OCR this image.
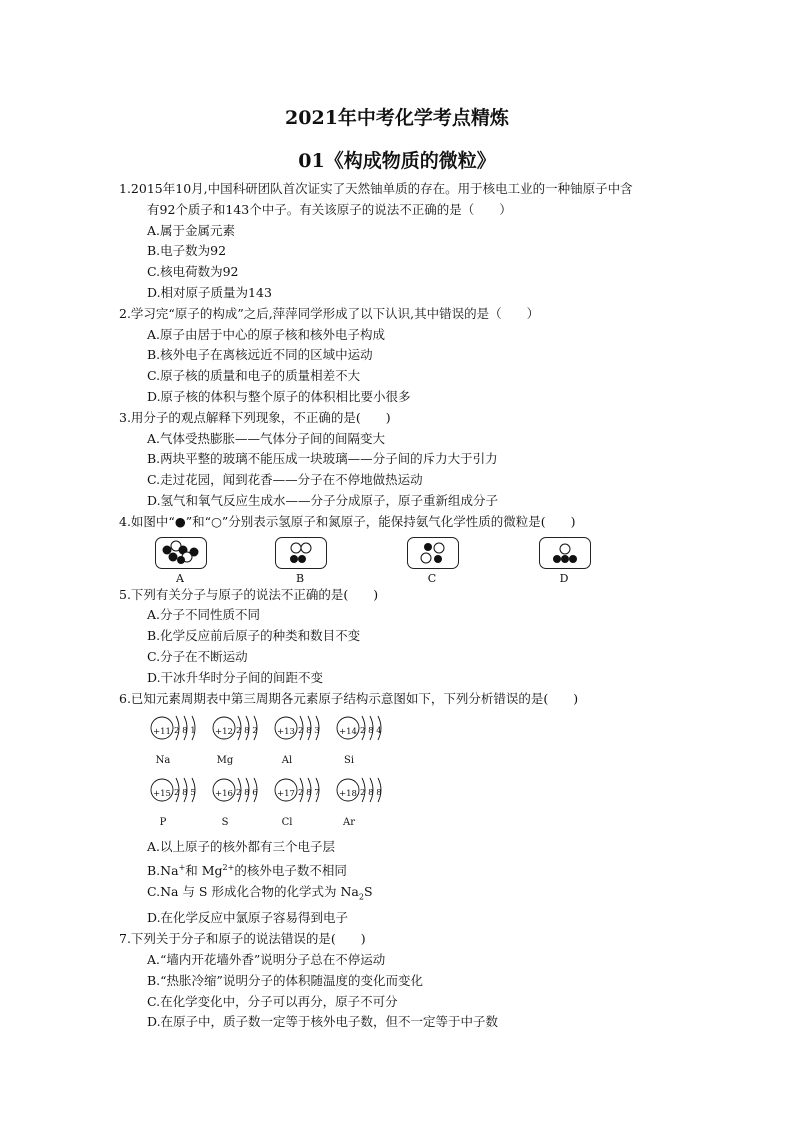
2021年中考化学考点精炼
01《构成物质的微粒》
1.2015年10月,中国科研团队首次证实了天然铀单质的存在。用于核电工业的一种铀原子中含
有92个质子和143个中子。有关该原子的说法不正确的是（　　）
A.属于金属元素
B.电子数为92
C.核电荷数为92
D.相对原子质量为143
2.学习完“原子的构成”之后,萍萍同学形成了以下认识,其中错误的是（　　）
A.原子由居于中心的原子核和核外电子构成
B.核外电子在离核远近不同的区域中运动
C.原子核的质量和电子的质量相差不大
D.原子核的体积与整个原子的体积相比要小很多
3.用分子的观点解释下列现象，不正确的是(　　)
A.气体受热膨胀——气体分子间的间隔变大
B.两块平整的玻璃不能压成一块玻璃——分子间的斥力大于引力
C.走过花园，闻到花香——分子在不停地做热运动
D.氢气和氧气反应生成水——分子分成原子，原子重新组成分子
4.如图中“●”和“○”分别表示氢原子和氮原子，能保持氨气化学性质的微粒是(　　)
A	B	C	D
5.下列有关分子与原子的说法不正确的是(　　)
A.分子不同性质不同
B.化学反应前后原子的种类和数目不变
C.分子在不断运动
D.干冰升华时分子间的间距不变
6.已知元素周期表中第三周期各元素原子结构示意图如下，下列分析错误的是(　　)
+11 2 8 1
Na
+12 2 8 2
Mg
+13 2 8 3
Al
+14 2 8 4
Si
+15 2 8 5
P
+16 2 8 6
S
+17 2 8 7
Cl
+18 2 8 8
Ar
A.以上原子的核外都有三个电子层
B.Na+和 $Mg^{2+}$的核外电子数不相同
C.Na 与 S 形成化合物的化学式为 $Na_2S$
D.在化学反应中氯原子容易得到电子
7.下列关于分子和原子的说法错误的是(　　)
A.“墙内开花墙外香”说明分子总在不停运动
B.“热胀冷缩”说明分子的体积随温度的变化而变化
C.在化学变化中，分子可以再分，原子不可分
D.在原子中，质子数一定等于核外电子数，但不一定等于中子数
